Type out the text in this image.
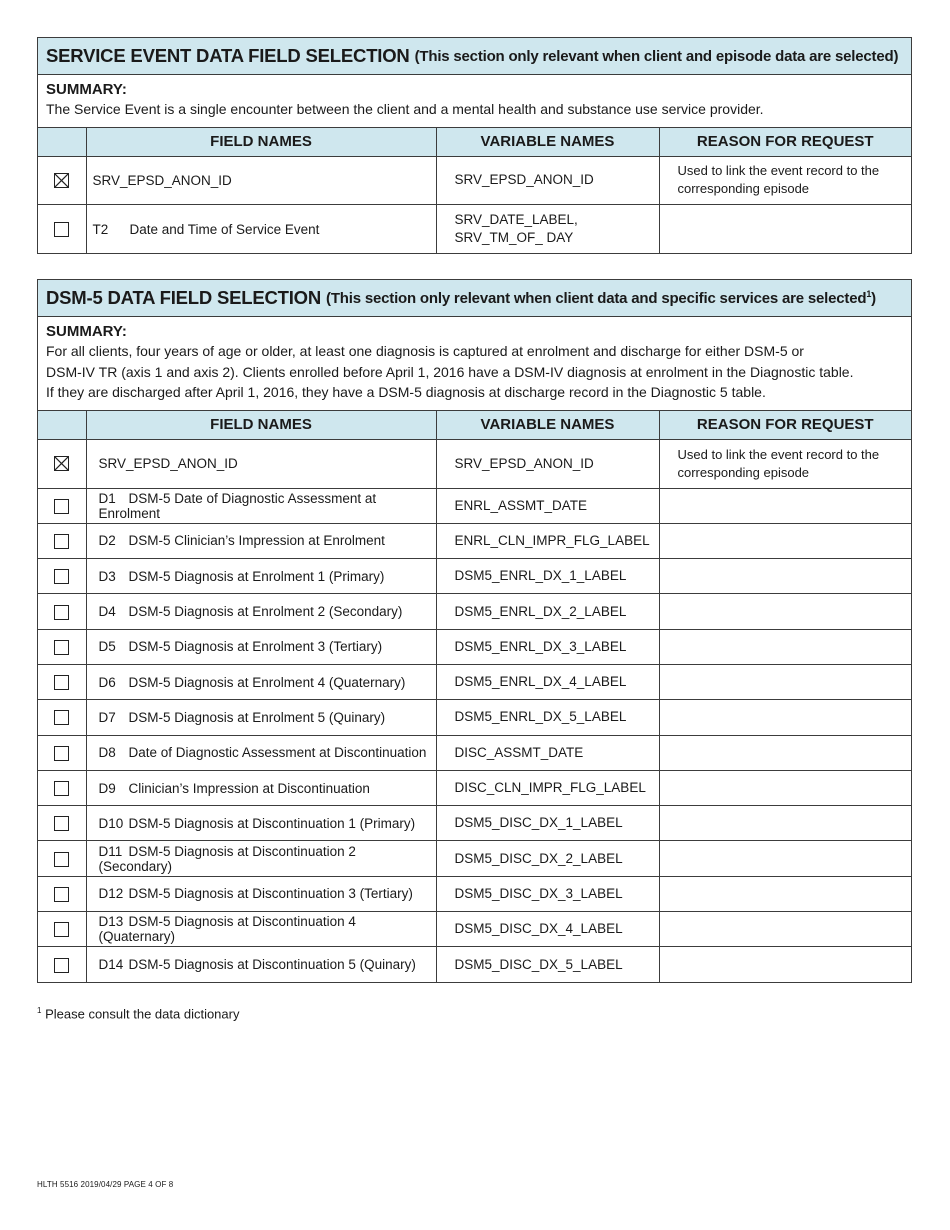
SERVICE EVENT DATA FIELD SELECTION (This section only relevant when client and episode data are selected)
SUMMARY:
The Service Event is a single encounter between the client and a mental health and substance use service provider.
	FIELD NAMES	VARIABLE NAMES	REASON FOR REQUEST

	SRV_EPSD_ANON_ID	SRV_EPSD_ANON_ID	Used to link the event record to the corresponding episode
	T2 Date and Time of Service Event	SRV_DATE_LABEL, SRV_TM_OF_ DAY	
DSM-5 DATA FIELD SELECTION (This section only relevant when client data and specific services are selected$^1$)
SUMMARY:
For all clients, four years of age or older, at least one diagnosis is captured at enrolment and discharge for either DSM-5 or
DSM-IV TR (axis 1 and axis 2). Clients enrolled before April 1, 2016 have a DSM-IV diagnosis at enrolment in the Diagnostic table.
If they are discharged after April 1, 2016, they have a DSM-5 diagnosis at discharge record in the Diagnostic 5 table.
	FIELD NAMES	VARIABLE NAMES	REASON FOR REQUEST

	SRV_EPSD_ANON_ID	SRV_EPSD_ANON_ID	Used to link the event record to the corresponding episode
	D1 DSM-5 Date of Diagnostic Assessment at Enrolment	ENRL_ASSMT_DATE	
	D2 DSM-5 Clinician’s Impression at Enrolment	ENRL_CLN_IMPR_FLG_LABEL	
	D3 DSM-5 Diagnosis at Enrolment 1 (Primary)	DSM5_ENRL_DX_1_LABEL	
	D4 DSM-5 Diagnosis at Enrolment 2 (Secondary)	DSM5_ENRL_DX_2_LABEL	
	D5 DSM-5 Diagnosis at Enrolment 3 (Tertiary)	DSM5_ENRL_DX_3_LABEL	
	D6 DSM-5 Diagnosis at Enrolment 4 (Quaternary)	DSM5_ENRL_DX_4_LABEL	
	D7 DSM-5 Diagnosis at Enrolment 5 (Quinary)	DSM5_ENRL_DX_5_LABEL	
	D8 Date of Diagnostic Assessment at Discontinuation	DISC_ASSMT_DATE	
	D9 Clinician’s Impression at Discontinuation	DISC_CLN_IMPR_FLG_LABEL	
	D10 DSM-5 Diagnosis at Discontinuation 1 (Primary)	DSM5_DISC_DX_1_LABEL	
	D11 DSM-5 Diagnosis at Discontinuation 2 (Secondary)	DSM5_DISC_DX_2_LABEL	
	D12 DSM-5 Diagnosis at Discontinuation 3 (Tertiary)	DSM5_DISC_DX_3_LABEL	
	D13 DSM-5 Diagnosis at Discontinuation 4 (Quaternary)	DSM5_DISC_DX_4_LABEL	
	D14 DSM-5 Diagnosis at Discontinuation 5 (Quinary)	DSM5_DISC_DX_5_LABEL	
$^1$ Please consult the data dictionary
HLTH 5516 2019/04/29 PAGE 4 OF 8
